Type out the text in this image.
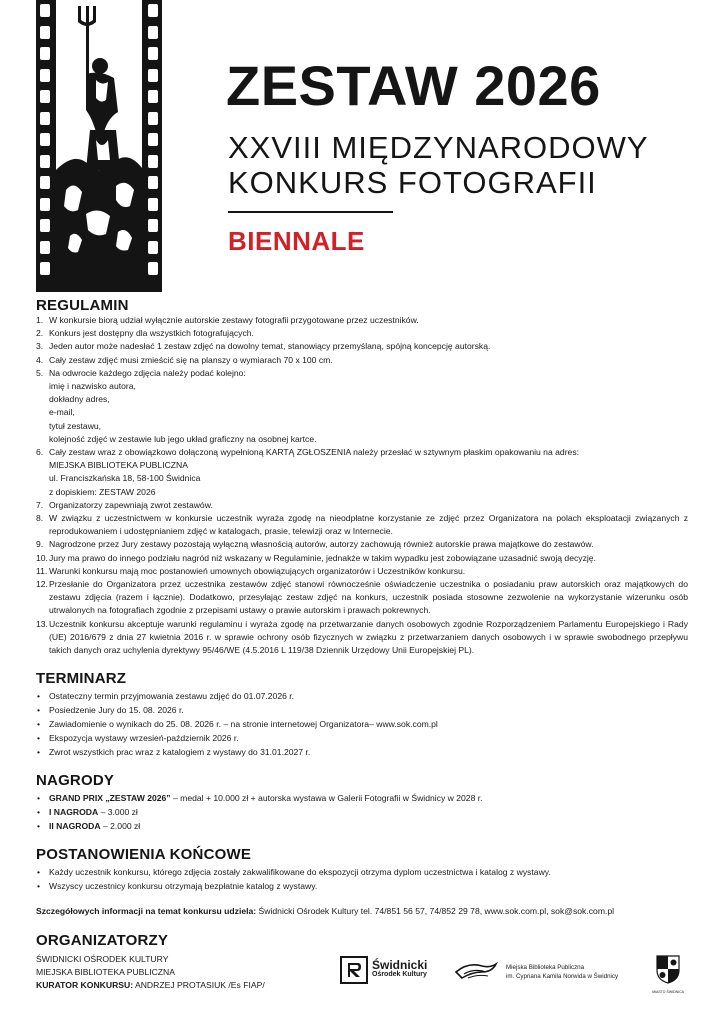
ZESTAW 2026
XXVIII MIĘDZYNARODOWY
KONKURS FOTOGRAFII
BIENNALE
REGULAMIN
1. W konkursie biorą udział wyłącznie autorskie zestawy fotografii przygotowane przez uczestników.
2. Konkurs jest dostępny dla wszystkich fotografujących.
3. Jeden autor może nadesłać 1 zestaw zdjęć na dowolny temat, stanowiący przemyślaną, spójną koncepcję autorską.
4. Cały zestaw zdjęć musi zmieścić się na planszy o wymiarach 70 x 100 cm.
5. Na odwrocie każdego zdjęcia należy podać kolejno:
imię i nazwisko autora,
dokładny adres,
e-mail,
tytuł zestawu,
kolejność zdjęć w zestawie lub jego układ graficzny na osobnej kartce.
6. Cały zestaw wraz z obowiązkowo dołączoną wypełnioną KARTĄ ZGŁOSZENIA należy przesłać w sztywnym płaskim opakowaniu na adres:
MIEJSKA BIBLIOTEKA PUBLICZNA
ul. Franciszkańska 18, 58-100 Świdnica
z dopiskiem: ZESTAW 2026
7. Organizatorzy zapewniają zwrot zestawów.
8. W związku z uczestnictwem w konkursie uczestnik wyraża zgodę na nieodpłatne korzystanie ze zdjęć przez Organizatora na polach eksploatacji związanych z reprodukowaniem i udostępnianiem zdjęć w katalogach, prasie, telewizji oraz w Internecie.
9. Nagrodzone przez Jury zestawy pozostają wyłączną własnością autorów, autorzy zachowują również autorskie prawa majątkowe do zestawów.
10. Jury ma prawo do innego podziału nagród niż wskazany w Regulaminie, jednakże w takim wypadku jest zobowiązane uzasadnić swoją decyzję.
11. Warunki konkursu mają moc postanowień umownych obowiązujących organizatorów i Uczestników konkursu.
12. Przesłanie do Organizatora przez uczestnika zestawów zdjęć stanowi równocześnie oświadczenie uczestnika o posiadaniu praw autorskich oraz majątkowych do zestawu zdjęcia (razem i łącznie). Dodatkowo, przesyłając zestaw zdjęć na konkurs, uczestnik posiada stosowne zezwolenie na wykorzystanie wizerunku osób utrwalonych na fotografiach zgodnie z przepisami ustawy o prawie autorskim i prawach pokrewnych.
13. Uczestnik konkursu akceptuje warunki regulaminu i wyraża zgodę na przetwarzanie danych osobowych zgodnie Rozporządzeniem Parlamentu Europejskiego i Rady (UE) 2016/679 z dnia 27 kwietnia 2016 r. w sprawie ochrony osób fizycznych w związku z przetwarzaniem danych osobowych i w sprawie swobodnego przepływu takich danych oraz uchylenia dyrektywy 95/46/WE (4.5.2016 L 119/38 Dziennik Urzędowy Unii Europejskiej PL).
TERMINARZ
• Ostateczny termin przyjmowania zestawu zdjęć do 01.07.2026 r.
• Posiedzenie Jury do 15. 08. 2026 r.
• Zawiadomienie o wynikach do 25. 08. 2026 r. – na stronie internetowej Organizatora– www.sok.com.pl
• Ekspozycja wystawy wrzesień-październik 2026 r.
• Zwrot wszystkich prac wraz z katalogiem z wystawy do 31.01.2027 r.
NAGRODY
• GRAND PRIX „ZESTAW 2026” – medal + 10.000 zł + autorska wystawa w Galerii Fotografii w Świdnicy w 2028 r.
• I NAGRODA – 3.000 zł
• II NAGRODA – 2.000 zł
POSTANOWIENIA KOŃCOWE
• Każdy uczestnik konkursu, którego zdjęcia zostały zakwalifikowane do ekspozycji otrzyma dyplom uczestnictwa i katalog z wystawy.
• Wszyscy uczestnicy konkursu otrzymają bezpłatnie katalog z wystawy.
Szczegółowych informacji na temat konkursu udziela: Świdnicki Ośrodek Kultury tel. 74/851 56 57, 74/852 29 78, www.sok.com.pl, sok@sok.com.pl
ORGANIZATORZY
ŚWIDNICKI OŚRODEK KULTURY
MIEJSKA BIBLIOTEKA PUBLICZNA
KURATOR KONKURSU: ANDRZEJ PROTASIUK /Es FIAP/
Świdnicki
Ośrodek Kultury
Miejska Biblioteka Publiczna
im. Cypriana Kamila Norwida w Świdnicy
MIASTO ŚWIDNICA
